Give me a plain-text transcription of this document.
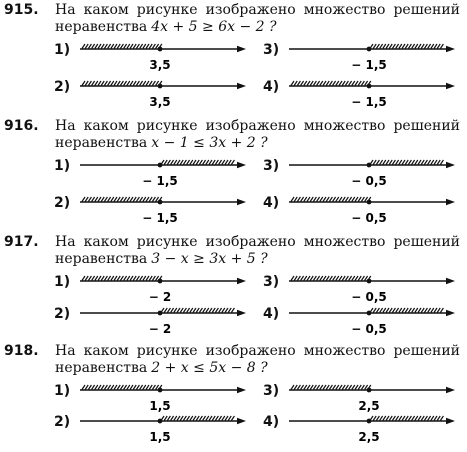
915. На каком рисунке изображено множество решений
неравенства 4x + 5 ≥ 6x − 2 ?
1)
3,5
3)
− 1,5
2)
3,5
4)
− 1,5
916. На каком рисунке изображено множество решений
неравенства x − 1 ≤ 3x + 2 ?
1)
− 1,5
3)
− 0,5
2)
− 1,5
4)
− 0,5
917. На каком рисунке изображено множество решений
неравенства 3 − x ≥ 3x + 5 ?
1)
− 2
3)
− 0,5
2)
− 2
4)
− 0,5
918. На каком рисунке изображено множество решений
неравенства 2 + x ≤ 5x − 8 ?
1)
1,5
3)
2,5
2)
1,5
4)
2,5
